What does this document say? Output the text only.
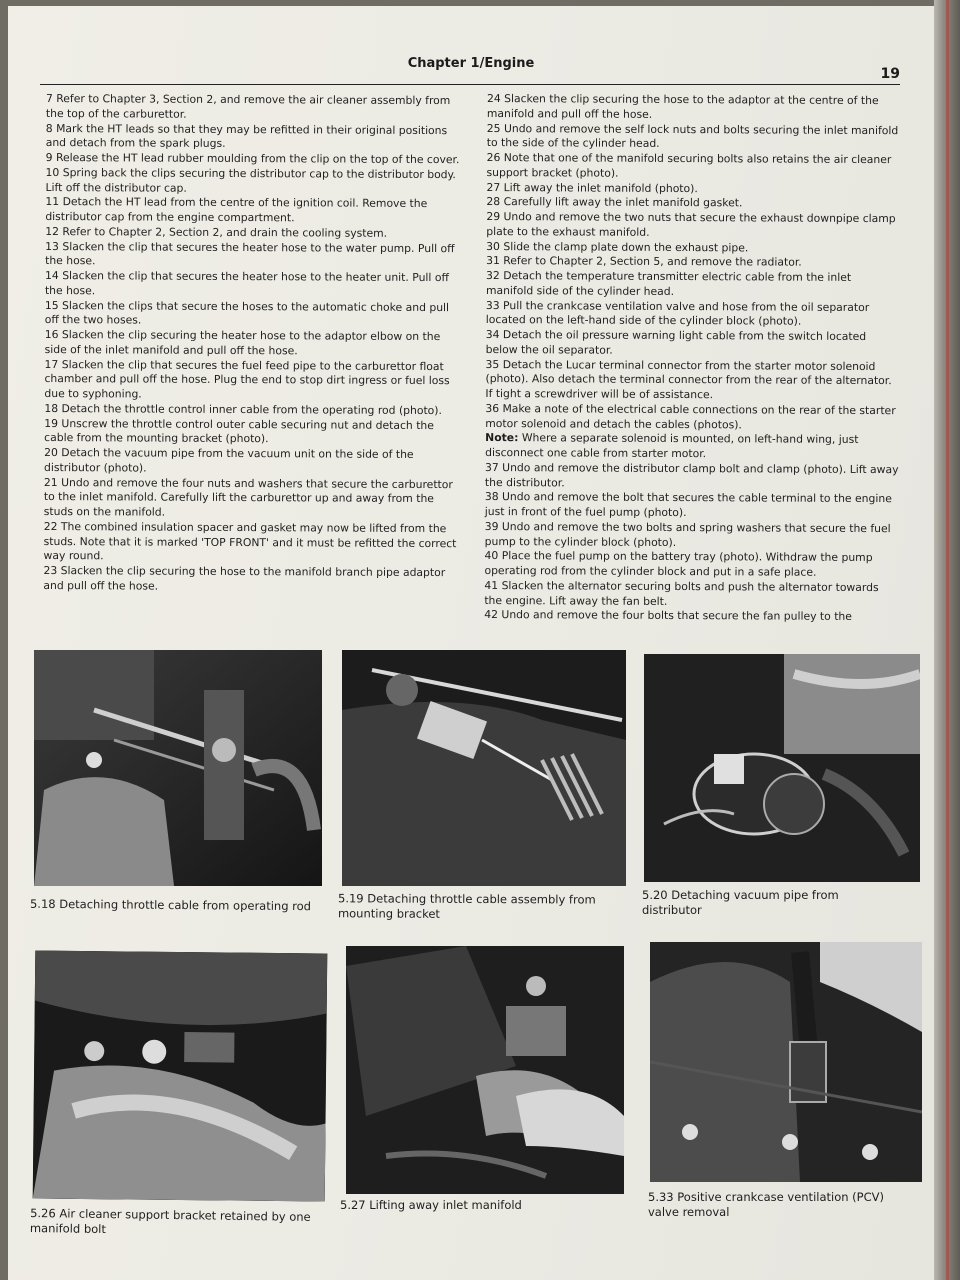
Chapter 1/Engine
19

7 Refer to Chapter 3, Section 2, and remove the air cleaner assembly from the top of the carburettor.

8 Mark the HT leads so that they may be refitted in their original positions and detach from the spark plugs.

9 Release the HT lead rubber moulding from the clip on the top of the cover.

10 Spring back the clips securing the distributor cap to the distributor body. Lift off the distributor cap.

11 Detach the HT lead from the centre of the ignition coil. Remove the distributor cap from the engine compartment.

12 Refer to Chapter 2, Section 2, and drain the cooling system.

13 Slacken the clip that secures the heater hose to the water pump. Pull off the hose.

14 Slacken the clip that secures the heater hose to the heater unit. Pull off the hose.

15 Slacken the clips that secure the hoses to the automatic choke and pull off the two hoses.

16 Slacken the clip securing the heater hose to the adaptor elbow on the side of the inlet manifold and pull off the hose.

17 Slacken the clip that secures the fuel feed pipe to the carburettor float chamber and pull off the hose. Plug the end to stop dirt ingress or fuel loss due to syphoning.

18 Detach the throttle control inner cable from the operating rod (photo).

19 Unscrew the throttle control outer cable securing nut and detach the cable from the mounting bracket (photo).

20 Detach the vacuum pipe from the vacuum unit on the side of the distributor (photo).

21 Undo and remove the four nuts and washers that secure the carburettor to the inlet manifold. Carefully lift the carburettor up and away from the studs on the manifold.

22 The combined insulation spacer and gasket may now be lifted from the studs. Note that it is marked 'TOP FRONT' and it must be refitted the correct way round.

23 Slacken the clip securing the hose to the manifold branch pipe adaptor and pull off the hose.

24 Slacken the clip securing the hose to the adaptor at the centre of the manifold and pull off the hose.

25 Undo and remove the self lock nuts and bolts securing the inlet manifold to the side of the cylinder head.

26 Note that one of the manifold securing bolts also retains the air cleaner support bracket (photo).

27 Lift away the inlet manifold (photo).

28 Carefully lift away the inlet manifold gasket.

29 Undo and remove the two nuts that secure the exhaust downpipe clamp plate to the exhaust manifold.

30 Slide the clamp plate down the exhaust pipe.

31 Refer to Chapter 2, Section 5, and remove the radiator.

32 Detach the temperature transmitter electric cable from the inlet manifold side of the cylinder head.

33 Pull the crankcase ventilation valve and hose from the oil separator located on the left-hand side of the cylinder block (photo).

34 Detach the oil pressure warning light cable from the switch located below the oil separator.

35 Detach the Lucar terminal connector from the starter motor solenoid (photo). Also detach the terminal connector from the rear of the alternator. If tight a screwdriver will be of assistance.

36 Make a note of the electrical cable connections on the rear of the starter motor solenoid and detach the cables (photos).

Note: Where a separate solenoid is mounted, on left-hand wing, just disconnect one cable from starter motor.

37 Undo and remove the distributor clamp bolt and clamp (photo). Lift away the distributor.

38 Undo and remove the bolt that secures the cable terminal to the engine just in front of the fuel pump (photo).

39 Undo and remove the two bolts and spring washers that secure the fuel pump to the cylinder block (photo).

40 Place the fuel pump on the battery tray (photo). Withdraw the pump operating rod from the cylinder block and put in a safe place.

41 Slacken the alternator securing bolts and push the alternator towards the engine. Lift away the fan belt.

42 Undo and remove the four bolts that secure the fan pulley to the

5.18 Detaching throttle cable from operating rod	5.19 Detaching throttle cable assembly from mounting bracket
5.20 Detaching vacuum pipe from distributor
5.26 Air cleaner support bracket retained by one manifold bolt
5.27 Lifting away inlet manifold
5.33 Positive crankcase ventilation (PCV) valve removal
